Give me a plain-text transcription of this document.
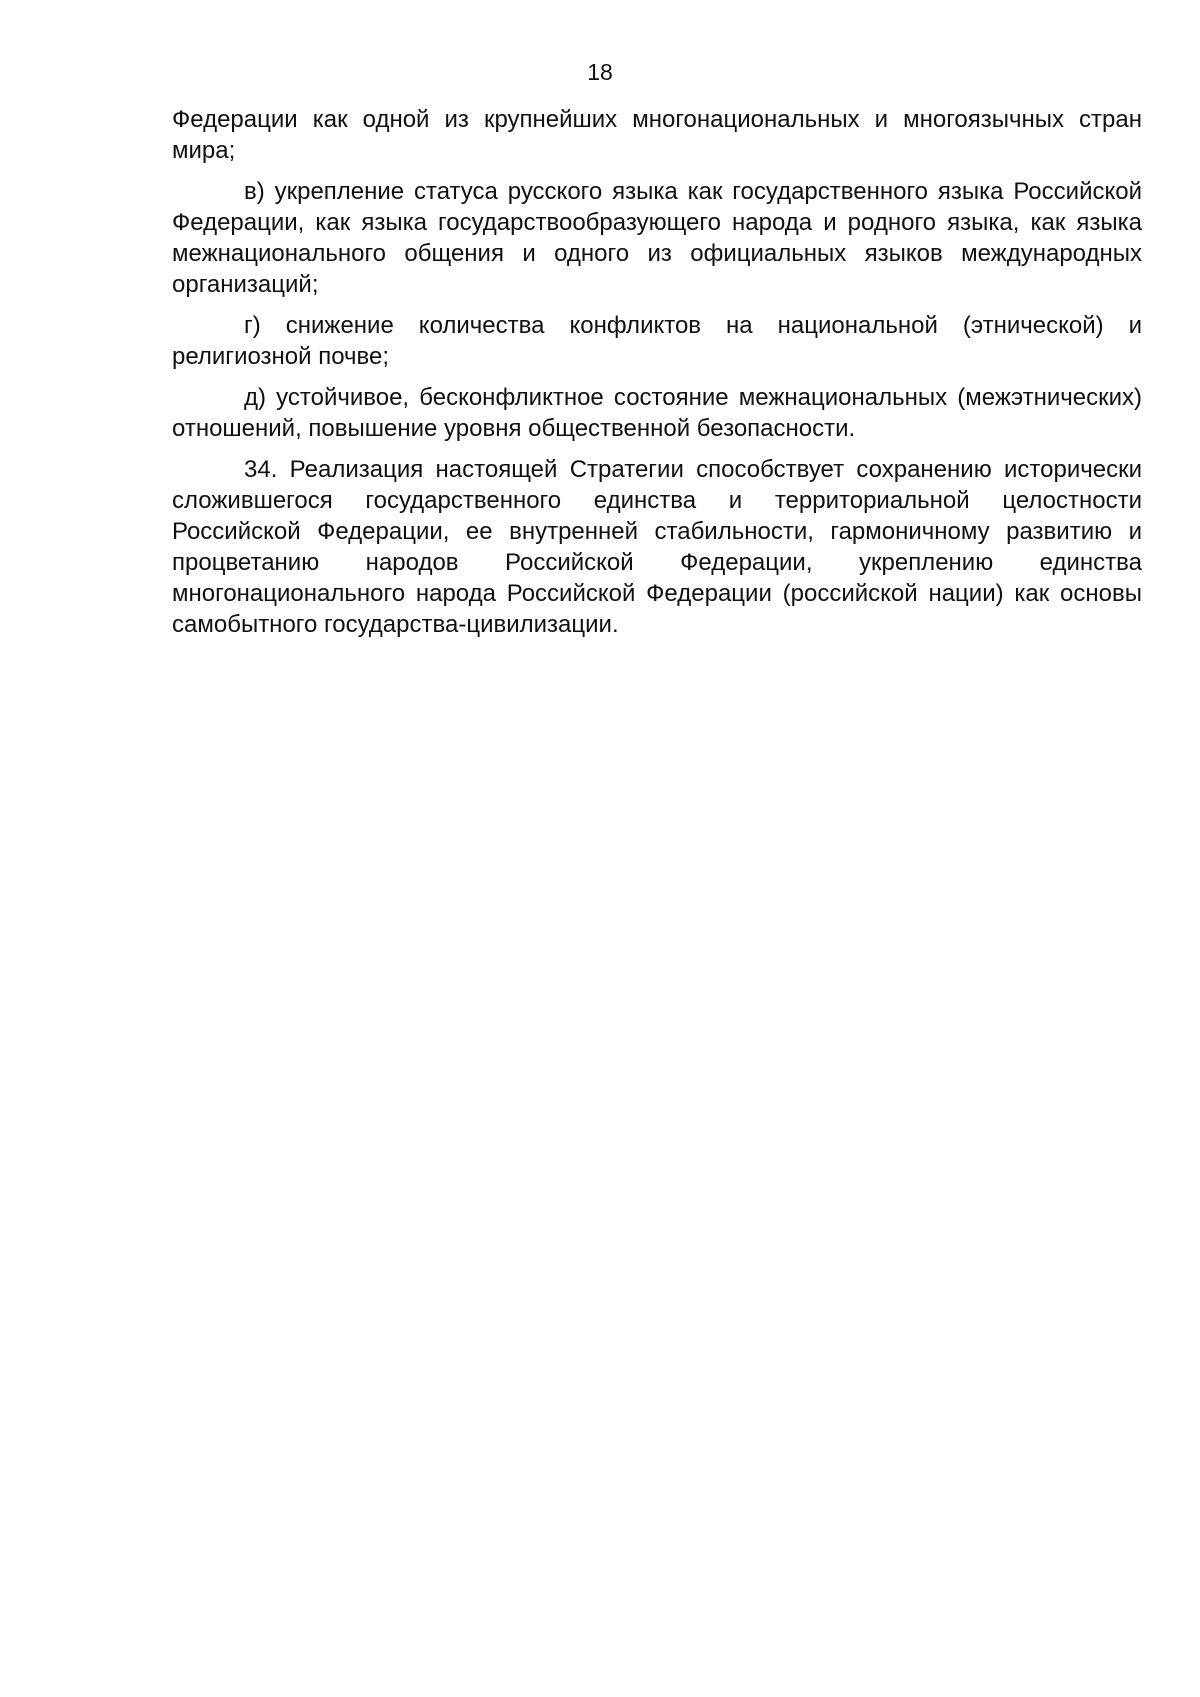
18

Федерации как одной из крупнейших многонациональных и многоязычных стран мира;

в) укрепление статуса русского языка как государственного языка Российской Федерации, как языка государствообразующего народа и родного языка, как языка межнационального общения и одного из официальных языков международных организаций;

г) снижение количества конфликтов на национальной (этнической) и религиозной почве;

д) устойчивое, бесконфликтное состояние межнациональных (межэтнических) отношений, повышение уровня общественной безопасности.

34. Реализация настоящей Стратегии способствует сохранению исторически сложившегося государственного единства и территориальной целостности Российской Федерации, ее внутренней стабильности, гармоничному развитию и процветанию народов Российской Федерации, укреплению единства многонационального народа Российской Федерации (российской нации) как основы самобытного государства-цивилизации.
